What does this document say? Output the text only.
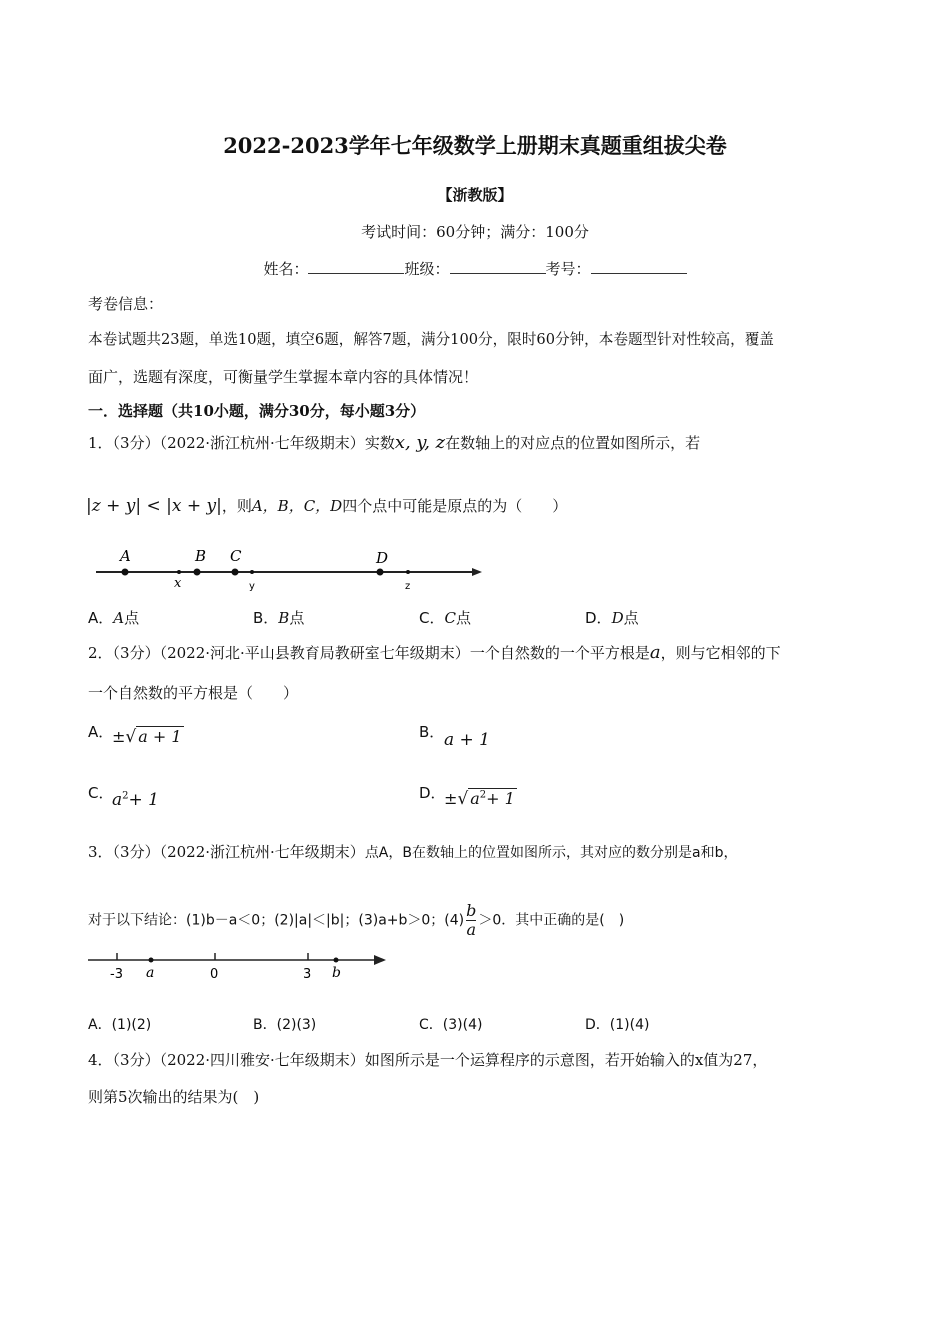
2022-2023学年七年级数学上册期末真题重组拔尖卷
【浙教版】
考试时间：60分钟；满分：100分
姓名：	班级：	考号：
考卷信息：
本卷试题共23题，单选10题，填空6题，解答7题，满分100分，限时60分钟，本卷题型针对性较高，覆盖
面广，选题有深度，可衡量学生掌握本章内容的具体情况！
一．选择题（共10小题，满分30分，每小题3分）
1．（3分）（2022·浙江杭州·七年级期末）实数x, y, z在数轴上的对应点的位置如图所示，若
|z + y| < |x + y|，则A，B，C，D四个点中可能是原点的为（　　）
A	B C	D
x	y	z
A．A点	B．B点	C．C点	D．D点
2．（3分）（2022·河北·平山县教育局教研室七年级期末）一个自然数的一个平方根是a，则与它相邻的下
一个自然数的平方根是（　　）
A．
±√ a + 1	B． a + 1
C．
$a^2+ 1$	D．
±√ $a^2+ 1$
3．（3分）（2022·浙江杭州·七年级期末）点A，B在数轴上的位置如图所示，其对应的数分别是a和b，
对于以下结论：(1)b－a＜0；(2)|a|＜|b|；(3)a+b＞0；$(4) \frac{b}{a} >0$．其中正确的是(　)
-3 a	0	3 b
A．(1)(2)	B．(2)(3)	C．(3)(4)	D．(1)(4)
4．（3分）（2022·四川雅安·七年级期末）如图所示是一个运算程序的示意图，若开始输入的x值为27，
则第5次输出的结果为(　)
